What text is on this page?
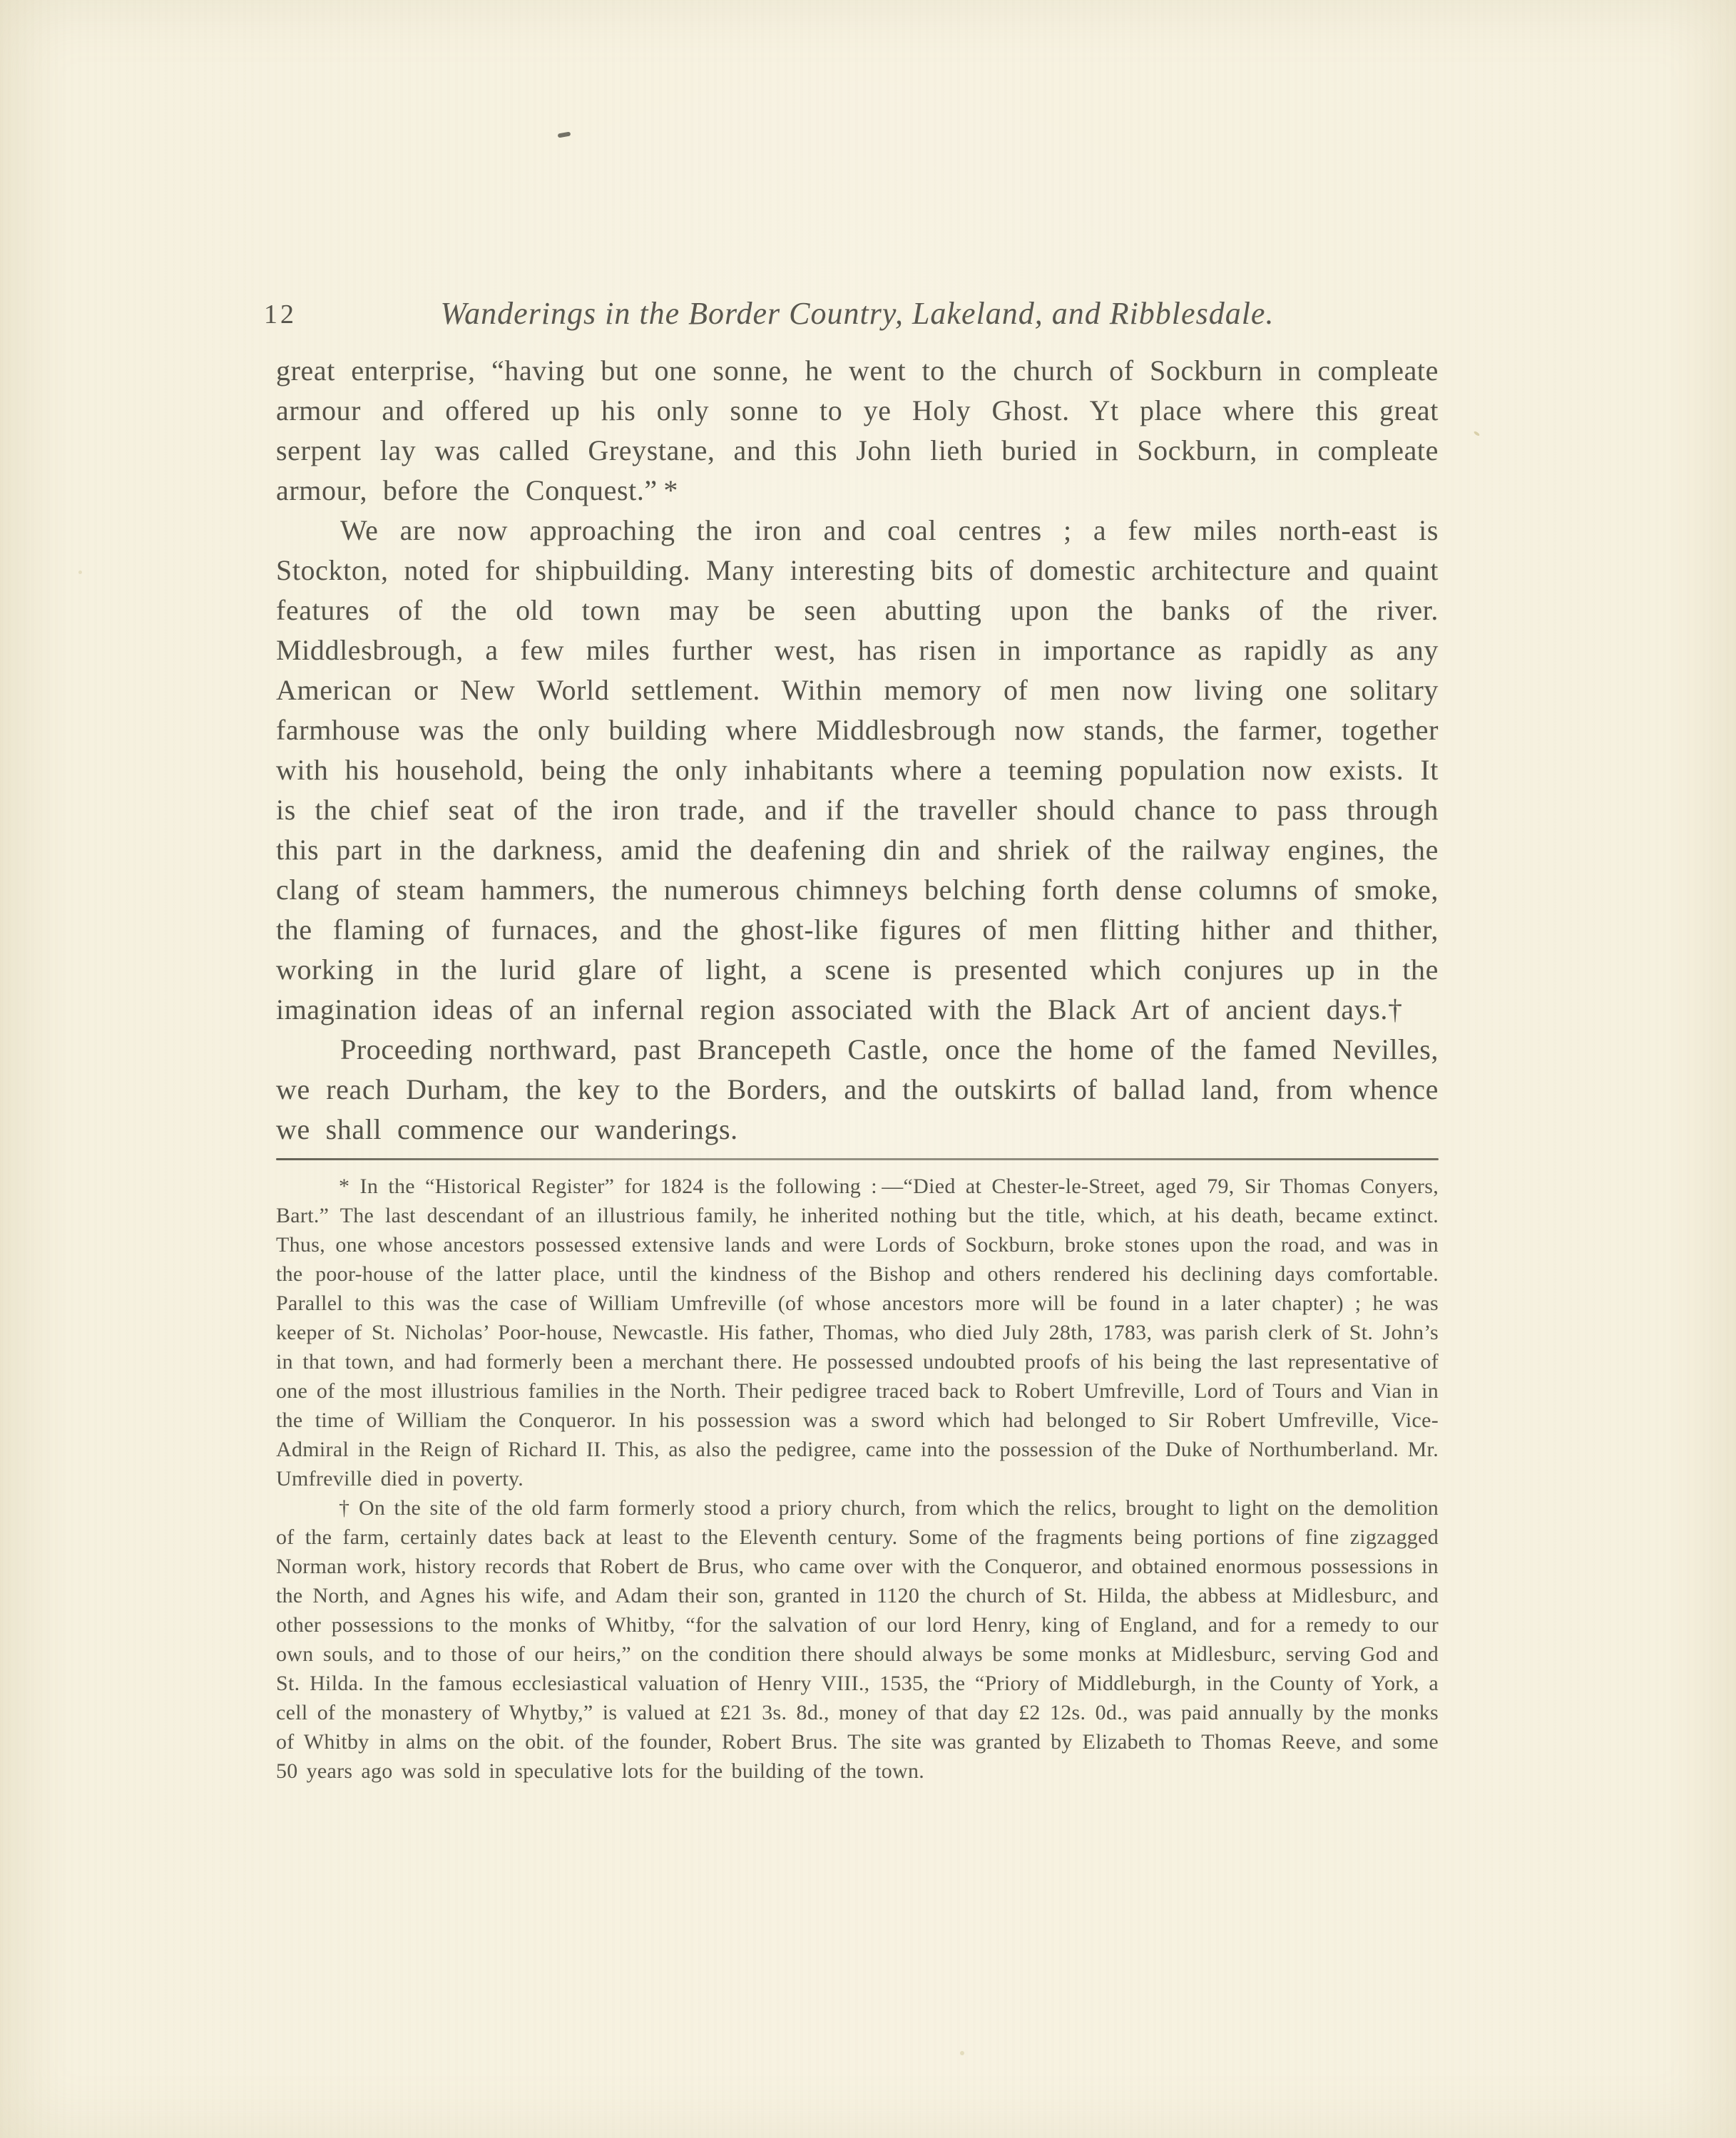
12	Wanderings in the Border Country, Lakeland, and Ribblesdale.

great enterprise, “having but one sonne, he went to the church of Sockburn in compleate armour and offered up his only sonne to ye Holy Ghost. Yt place where this great serpent lay was called Greystane, and this John lieth buried in Sockburn, in compleate armour, before the Conquest.” *

We are now approaching the iron and coal centres ; a few miles north-east is Stockton, noted for shipbuilding. Many interesting bits of domestic architecture and quaint features of the old town may be seen abutting upon the banks of the river. Middlesbrough, a few miles further west, has risen in importance as rapidly as any American or New World settlement. Within memory of men now living one solitary farmhouse was the only building where Middlesbrough now stands, the farmer, together with his household, being the only inhabitants where a teeming population now exists. It is the chief seat of the iron trade, and if the traveller should chance to pass through this part in the darkness, amid the deafening din and shriek of the railway engines, the clang of steam hammers, the numerous chimneys belching forth dense columns of smoke, the flaming of furnaces, and the ghost-like figures of men flitting hither and thither, working in the lurid glare of light, a scene is presented which conjures up in the imagination ideas of an infernal region associated with the Black Art of ancient days.†

Proceeding northward, past Brancepeth Castle, once the home of the famed Nevilles, we reach Durham, the key to the Borders, and the outskirts of ballad land, from whence we shall commence our wanderings.

* In the “Historical Register” for 1824 is the following : —“Died at Chester-le-Street, aged 79, Sir Thomas Conyers, Bart.” The last descendant of an illustrious family, he inherited nothing but the title, which, at his death, became extinct. Thus, one whose ancestors possessed extensive lands and were Lords of Sockburn, broke stones upon the road, and was in the poor-house of the latter place, until the kindness of the Bishop and others rendered his declining days comfortable. Parallel to this was the case of William Umfreville (of whose ancestors more will be found in a later chapter) ; he was keeper of St. Nicholas’ Poor-house, Newcastle. His father, Thomas, who died July 28th, 1783, was parish clerk of St. John’s in that town, and had formerly been a merchant there. He possessed undoubted proofs of his being the last representative of one of the most illustrious families in the North. Their pedigree traced back to Robert Umfreville, Lord of Tours and Vian in the time of William the Conqueror. In his possession was a sword which had belonged to Sir Robert Umfreville, Vice-Admiral in the Reign of Richard II. This, as also the pedigree, came into the possession of the Duke of Northumberland. Mr. Umfreville died in poverty.

† On the site of the old farm formerly stood a priory church, from which the relics, brought to light on the demolition of the farm, certainly dates back at least to the Eleventh century. Some of the fragments being portions of fine zigzagged Norman work, history records that Robert de Brus, who came over with the Conqueror, and obtained enormous possessions in the North, and Agnes his wife, and Adam their son, granted in 1120 the church of St. Hilda, the abbess at Midlesburc, and other possessions to the monks of Whitby, “for the salvation of our lord Henry, king of England, and for a remedy to our own souls, and to those of our heirs,” on the condition there should always be some monks at Midlesburc, serving God and St. Hilda. In the famous ecclesiastical valuation of Henry VIII., 1535, the “Priory of Middleburgh, in the County of York, a cell of the monastery of Whytby,” is valued at £21 3s. 8d., money of that day £2 12s. 0d., was paid annually by the monks of Whitby in alms on the obit. of the founder, Robert Brus. The site was granted by Elizabeth to Thomas Reeve, and some 50 years ago was sold in speculative lots for the building of the town.
